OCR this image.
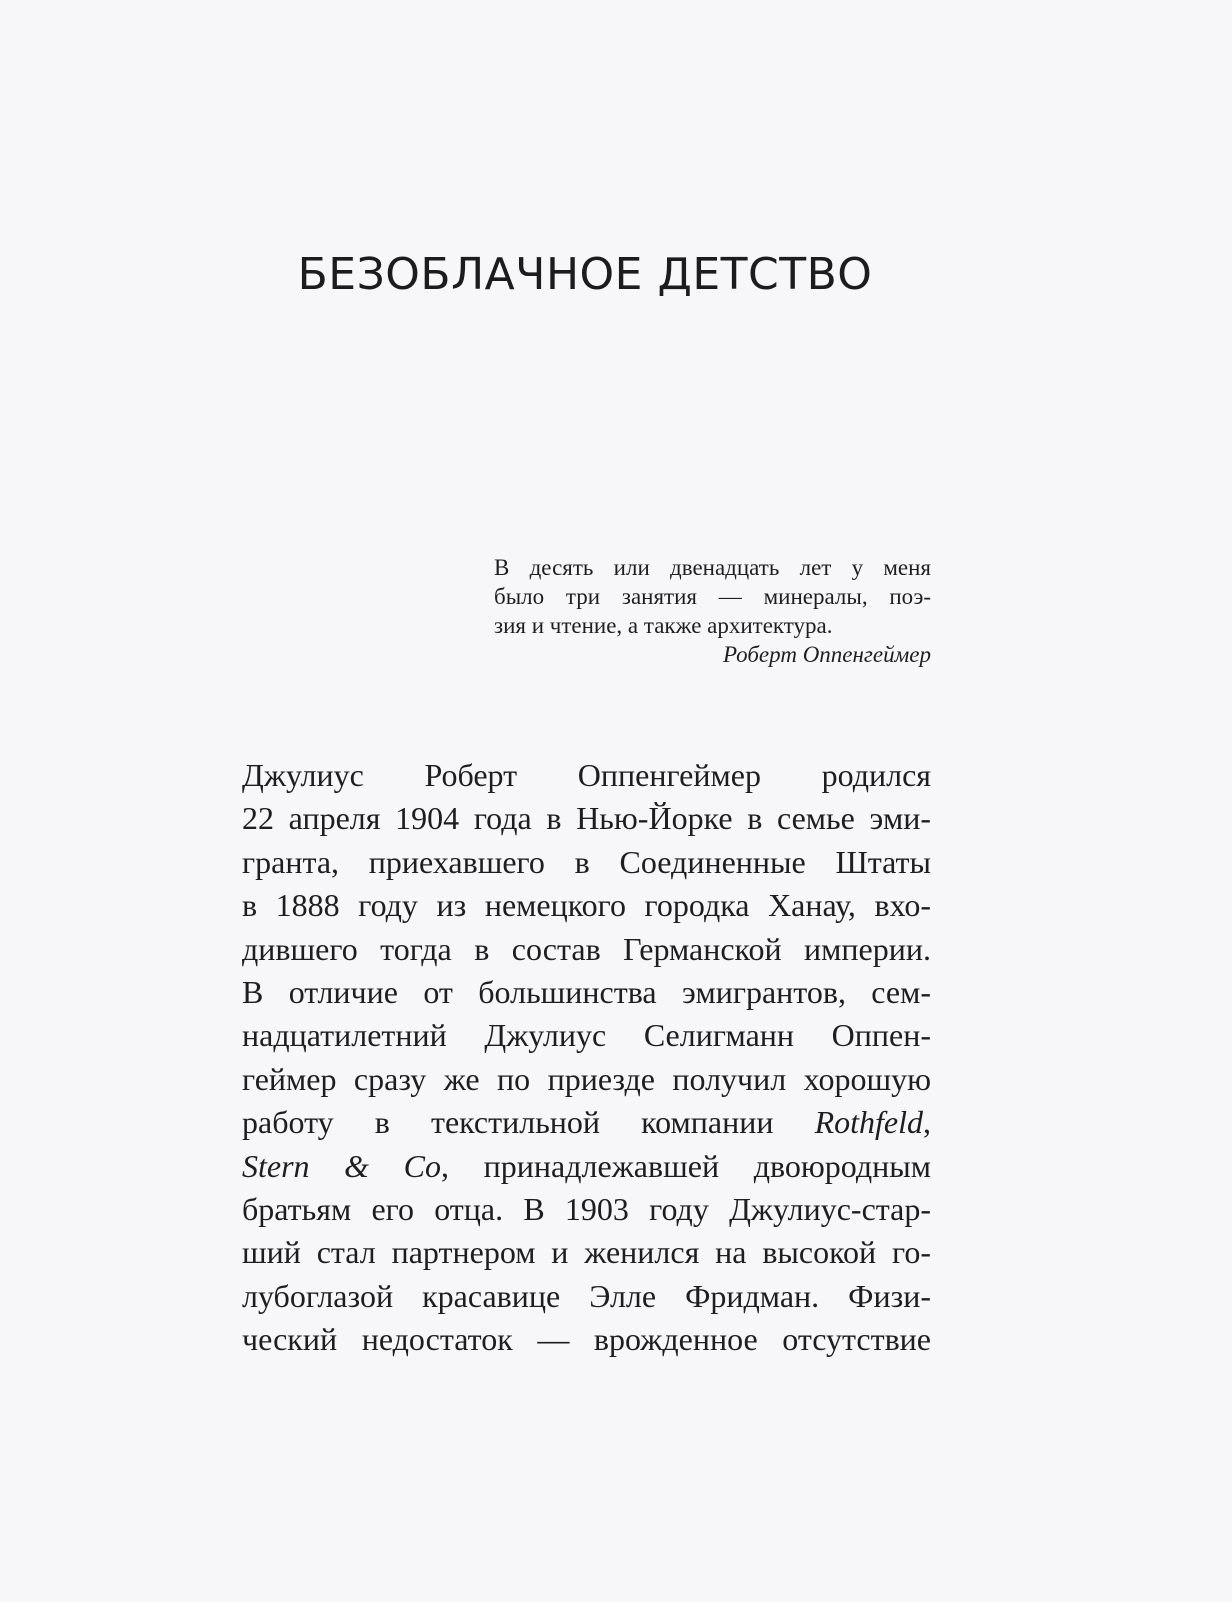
БЕЗОБЛАЧНОЕ ДЕТСТВО
В десять или двенадцать лет у меня
было три занятия — минералы, поэ-
зия и чтение, а также архитектура.
Роберт Оппенгеймер
Джулиус Роберт Оппенгеймер родился
22 апреля 1904 года в Нью-Йорке в семье эми-
гранта, приехавшего в Соединенные Штаты
в 1888 году из немецкого городка Ханау, вхо-
дившего тогда в состав Германской империи.
В отличие от большинства эмигрантов, сем-
надцатилетний Джулиус Селигманн Оппен-
геймер сразу же по приезде получил хорошую
работу в текстильной компании Rothfeld,
Stern & Co, принадлежавшей двоюродным
братьям его отца. В 1903 году Джулиус-стар-
ший стал партнером и женился на высокой го-
лубоглазой красавице Элле Фридман. Физи-
ческий недостаток — врожденное отсутствие
